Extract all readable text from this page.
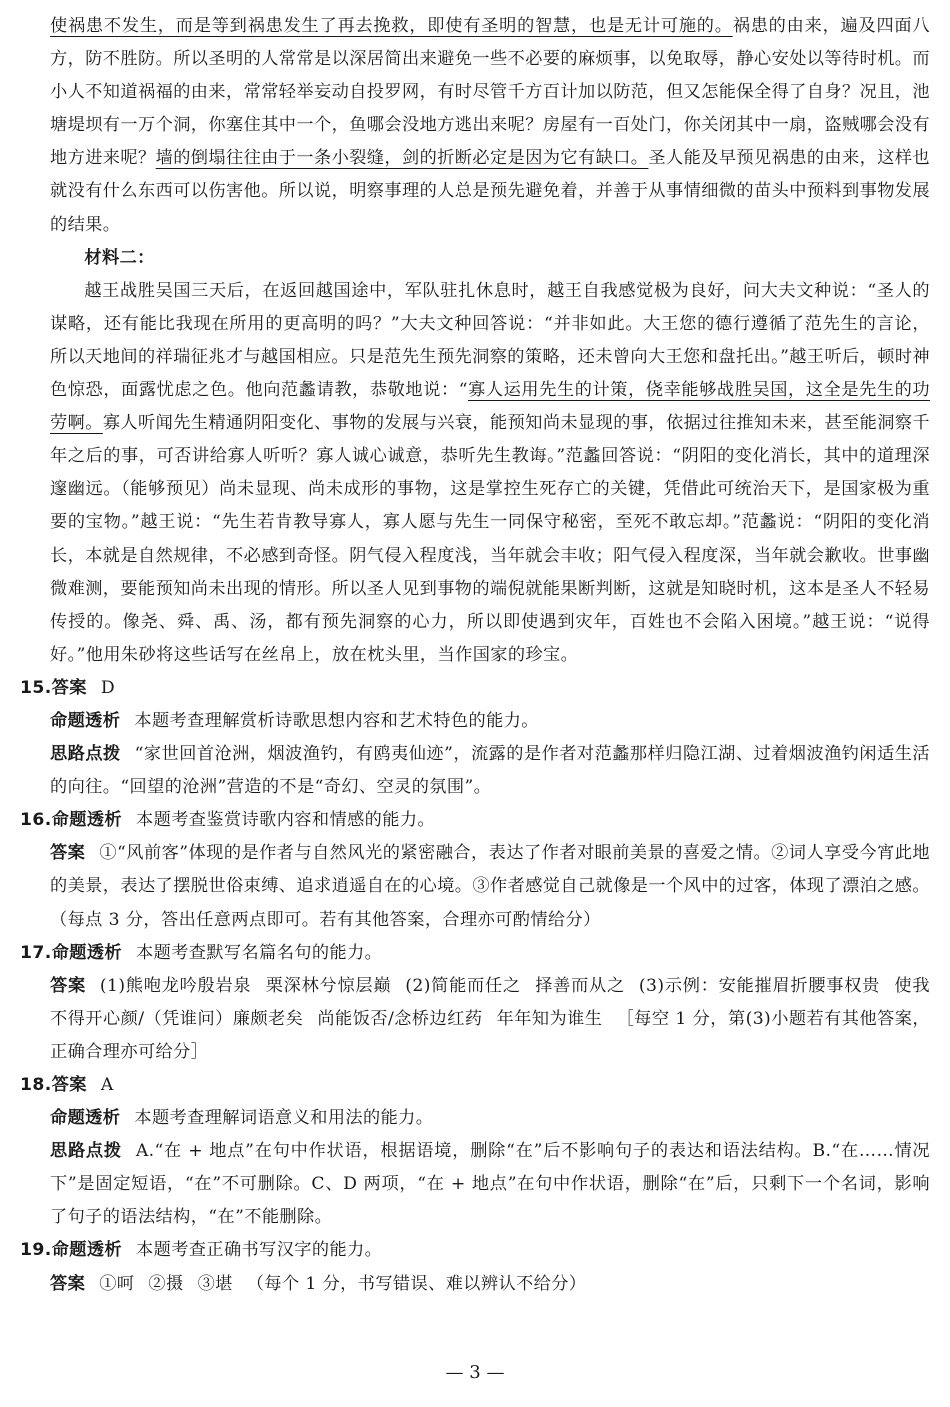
使祸患不发生，而是等到祸患发生了再去挽救，即使有圣明的智慧，也是无计可施的。祸患的由来，遍及四面八方，防不胜防。所以圣明的人常常是以深居简出来避免一些不必要的麻烦事，以免取辱，静心安处以等待时机。而小人不知道祸福的由来，常常轻举妄动自投罗网，有时尽管千方百计加以防范，但又怎能保全得了自身？况且，池塘堤坝有一万个洞，你塞住其中一个，鱼哪会没地方逃出来呢？房屋有一百处门，你关闭其中一扇，盗贼哪会没有地方进来呢？墙的倒塌往往由于一条小裂缝，剑的折断必定是因为它有缺口。圣人能及早预见祸患的由来，这样也就没有什么东西可以伤害他。所以说，明察事理的人总是预先避免着，并善于从事情细微的苗头中预料到事物发展的结果。

材料二：

越王战胜吴国三天后，在返回越国途中，军队驻扎休息时，越王自我感觉极为良好，问大夫文种说：“圣人的谋略，还有能比我现在所用的更高明的吗？”大夫文种回答说：“并非如此。大王您的德行遵循了范先生的言论，所以天地间的祥瑞征兆才与越国相应。只是范先生预先洞察的策略，还未曾向大王您和盘托出。”越王听后，顿时神色惊恐，面露忧虑之色。他向范蠡请教，恭敬地说：“寡人运用先生的计策，侥幸能够战胜吴国，这全是先生的功劳啊。寡人听闻先生精通阴阳变化、事物的发展与兴衰，能预知尚未显现的事，依据过往推知未来，甚至能洞察千年之后的事，可否讲给寡人听听？寡人诚心诚意，恭听先生教诲。”范蠡回答说：“阴阳的变化消长，其中的道理深邃幽远。（能够预见）尚未显现、尚未成形的事物，这是掌控生死存亡的关键，凭借此可统治天下，是国家极为重要的宝物。”越王说：“先生若肯教导寡人，寡人愿与先生一同保守秘密，至死不敢忘却。”范蠡说：“阴阳的变化消长，本就是自然规律，不必感到奇怪。阴气侵入程度浅，当年就会丰收；阳气侵入程度深，当年就会歉收。世事幽微难测，要能预知尚未出现的情形。所以圣人见到事物的端倪就能果断判断，这就是知晓时机，这本是圣人不轻易传授的。像尧、舜、禹、汤，都有预先洞察的心力，所以即使遇到灾年，百姓也不会陷入困境。”越王说：“说得好。”他用朱砂将这些话写在丝帛上，放在枕头里，当作国家的珍宝。

15.答案 D

命题透析 本题考查理解赏析诗歌思想内容和艺术特色的能力。

思路点拨 “家世回首沧洲，烟波渔钓，有鸥夷仙迹”，流露的是作者对范蠡那样归隐江湖、过着烟波渔钓闲适生活的向往。“回望的沧洲”营造的不是“奇幻、空灵的氛围”。

16.命题透析 本题考查鉴赏诗歌内容和情感的能力。

答案 ①“风前客”体现的是作者与自然风光的紧密融合，表达了作者对眼前美景的喜爱之情。②词人享受今宵此地的美景，表达了摆脱世俗束缚、追求逍遥自在的心境。③作者感觉自己就像是一个风中的过客，体现了漂泊之感。（每点 3 分，答出任意两点即可。若有其他答案，合理亦可酌情给分）

17.命题透析 本题考查默写名篇名句的能力。

答案 (1)熊咆龙吟殷岩泉 栗深林兮惊层巅 (2)简能而任之 择善而从之 (3)示例：安能摧眉折腰事权贵 使我不得开心颜/（凭谁问）廉颇老矣 尚能饭否/念桥边红药 年年知为谁生 ［每空 1 分，第(3)小题若有其他答案，正确合理亦可给分］

18.答案 A

命题透析 本题考查理解词语意义和用法的能力。

思路点拨 A.“在 + 地点”在句中作状语，根据语境，删除“在”后不影响句子的表达和语法结构。B.“在……情况下”是固定短语，“在”不可删除。C、D 两项，“在 + 地点”在句中作状语，删除“在”后，只剩下一个名词，影响了句子的语法结构，“在”不能删除。

19.命题透析 本题考查正确书写汉字的能力。

答案 ①呵 ②摄 ③堪 （每个 1 分，书写错误、难以辨认不给分）

— 3 —
